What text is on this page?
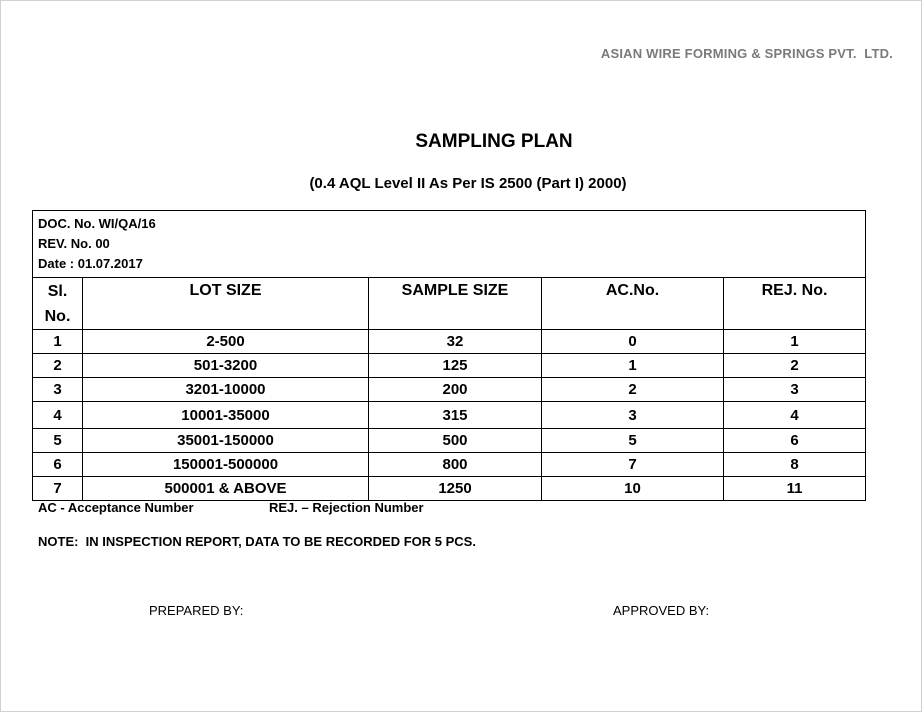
ASIAN WIRE FORMING & SPRINGS PVT.  LTD.
SAMPLING PLAN
(0.4 AQL Level II As Per IS 2500 (Part I) 2000)
DOC. No. WI/QA/16
REV. No. 00
Date : 01.07.2017				

Sl.
No.	LOT SIZE	SAMPLE SIZE	AC.No.	REJ. No.

1	2-500	32	0	1
2	501-3200	125	1	2
3	3201-10000	200	2	3
4	10001-35000	315	3	4
5	35001-150000	500	5	6
6	150001-500000	800	7	8
7	500001 & ABOVE	1250	10	11
AC - Acceptance Number	REJ. – Rejection Number
NOTE:  IN INSPECTION REPORT, DATA TO BE RECORDED FOR 5 PCS.
PREPARED BY:	APPROVED BY:
